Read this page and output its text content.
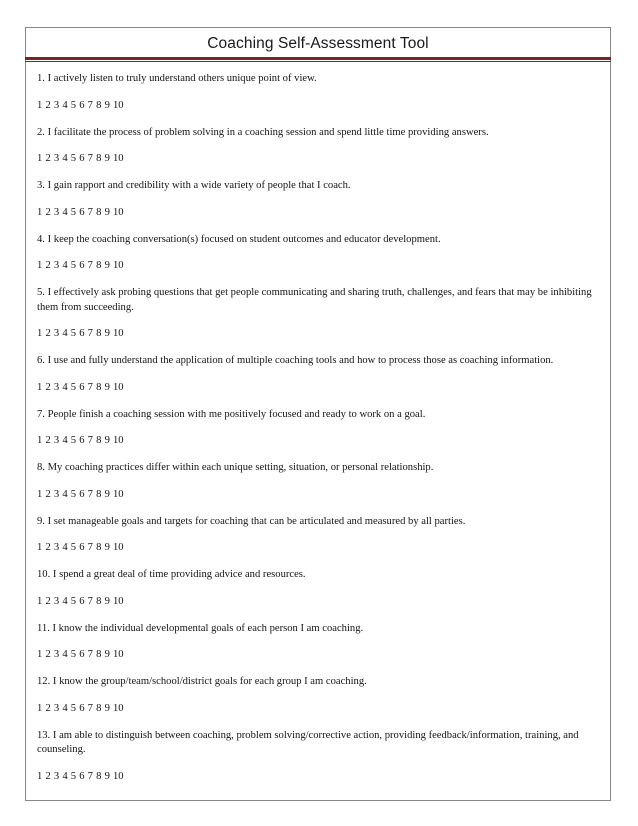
Coaching Self-Assessment Tool

1. I actively listen to truly understand others unique point of view.

1 2 3 4 5 6 7 8 9 10

2. I facilitate the process of problem solving in a coaching session and spend little time providing answers.

1 2 3 4 5 6 7 8 9 10

3. I gain rapport and credibility with a wide variety of people that I coach.

1 2 3 4 5 6 7 8 9 10

4. I keep the coaching conversation(s) focused on student outcomes and educator development.

1 2 3 4 5 6 7 8 9 10

5. I effectively ask probing questions that get people communicating and sharing truth, challenges, and fears that may be inhibiting them from succeeding.

1 2 3 4 5 6 7 8 9 10

6. I use and fully understand the application of multiple coaching tools and how to process those as coaching information.

1 2 3 4 5 6 7 8 9 10

7. People finish a coaching session with me positively focused and ready to work on a goal.

1 2 3 4 5 6 7 8 9 10

8. My coaching practices differ within each unique setting, situation, or personal relationship.

1 2 3 4 5 6 7 8 9 10

9. I set manageable goals and targets for coaching that can be articulated and measured by all parties.

1 2 3 4 5 6 7 8 9 10

10. I spend a great deal of time providing advice and resources.

1 2 3 4 5 6 7 8 9 10

11. I know the individual developmental goals of each person I am coaching.

1 2 3 4 5 6 7 8 9 10

12. I know the group/team/school/district goals for each group I am coaching.

1 2 3 4 5 6 7 8 9 10

13. I am able to distinguish between coaching, problem solving/corrective action, providing feedback/information, training, and counseling.

1 2 3 4 5 6 7 8 9 10
